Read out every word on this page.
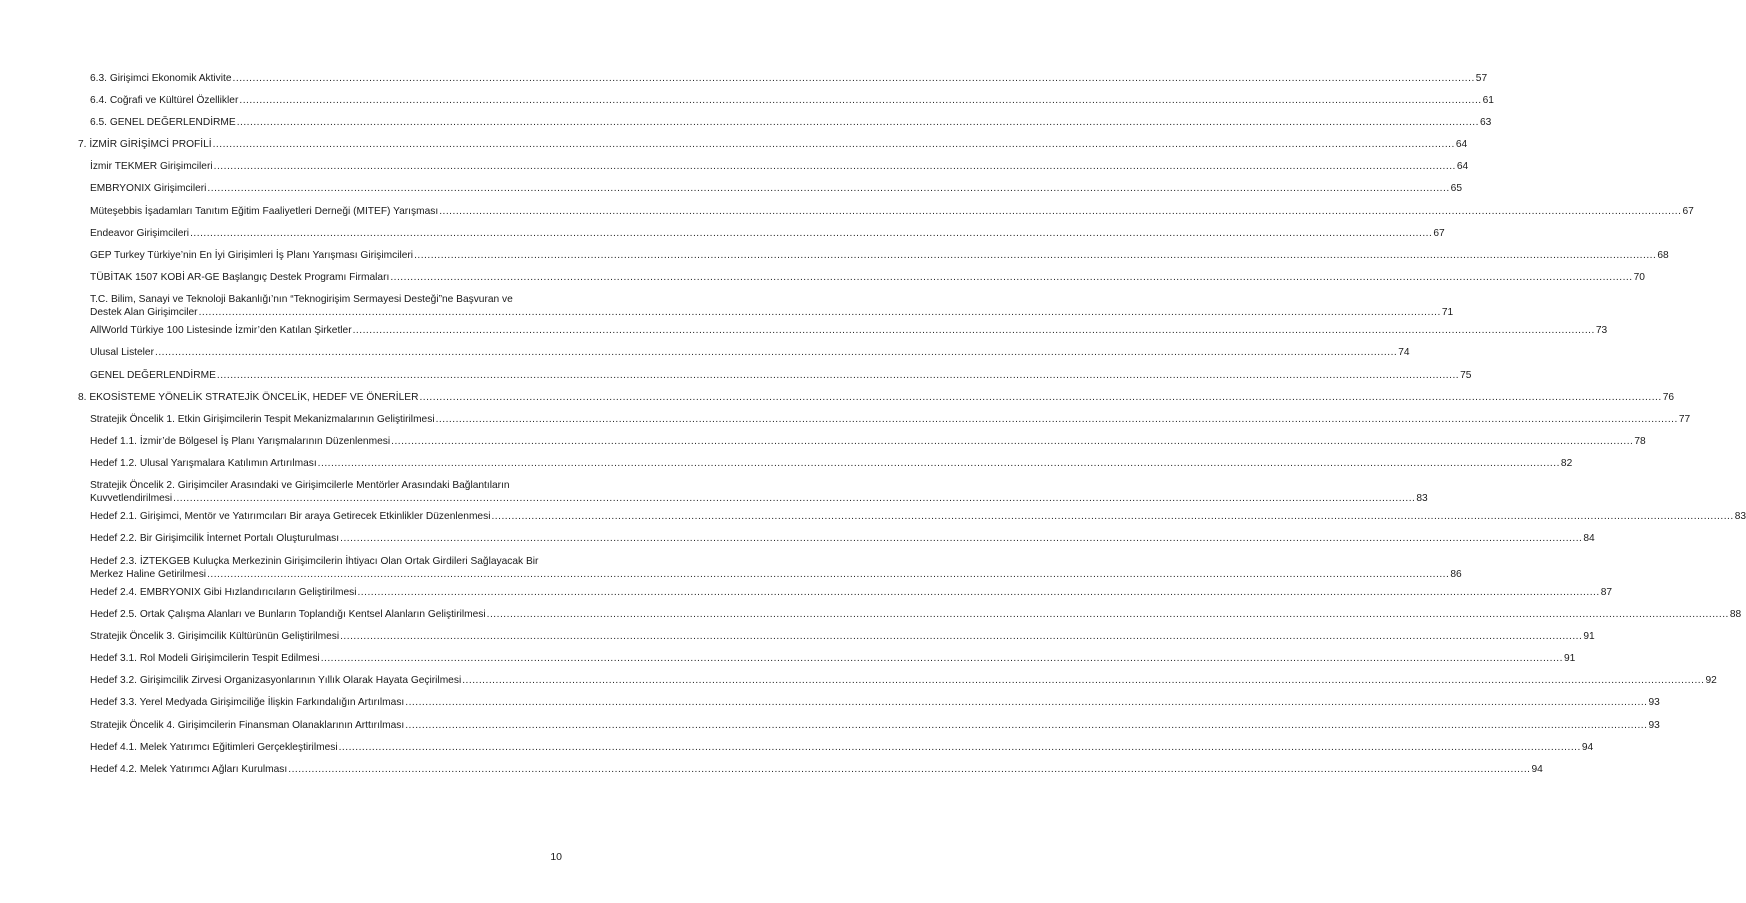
6.3. Girişimci Ekonomik Aktivite .....	57
6.4. Coğrafi ve Kültürel Özellikler .....	61
6.5. GENEL DEĞERLENDİRME .....	63
7. İZMİR GİRİŞİMCİ PROFİLİ .....	64
İzmir TEKMER Girişimcileri .....	64
EMBRYONIX Girişimcileri .....	65
Müteşebbis İşadamları Tanıtım Eğitim Faaliyetleri Derneği (MITEF) Yarışması .....	67
Endeavor Girişimcileri .....	67
GEP Turkey Türkiye’nin En İyi Girişimleri İş Planı Yarışması Girişimcileri .....	68
TÜBİTAK 1507 KOBİ AR-GE Başlangıç Destek Programı Firmaları .....	70
T.C. Bilim, Sanayi ve Teknoloji Bakanlığı’nın “Teknogirişim Sermayesi Desteği”ne Başvuran ve
Destek Alan Girişimciler .....	71
AllWorld Türkiye 100 Listesinde İzmir’den Katılan Şirketler .....	73
Ulusal Listeler .....	74
GENEL DEĞERLENDİRME .....	75
8. EKOSİSTEME YÖNELİK STRATEJİK ÖNCELİK, HEDEF VE ÖNERİLER .....	76
Stratejik Öncelik 1. Etkin Girişimcilerin Tespit Mekanizmalarının Geliştirilmesi .....	77
Hedef 1.1. İzmir’de Bölgesel İş Planı Yarışmalarının Düzenlenmesi .....	78
Hedef 1.2. Ulusal Yarışmalara Katılımın Artırılması .....	82
Stratejik Öncelik 2. Girişimciler Arasındaki ve Girişimcilerle Mentörler Arasındaki Bağlantıların
Kuvvetlendirilmesi .....	83
Hedef 2.1. Girişimci, Mentör ve Yatırımcıları Bir araya Getirecek Etkinlikler Düzenlenmesi .....	83
Hedef 2.2. Bir Girişimcilik İnternet Portalı Oluşturulması .....	84
Hedef 2.3. İZTEKGEB Kuluçka Merkezinin Girişimcilerin İhtiyacı Olan Ortak Girdileri Sağlayacak Bir
Merkez Haline Getirilmesi .....	86
Hedef 2.4. EMBRYONIX Gibi Hızlandırıcıların Geliştirilmesi .....	87
Hedef 2.5. Ortak Çalışma Alanları ve Bunların Toplandığı Kentsel Alanların Geliştirilmesi .....	88
Stratejik Öncelik 3. Girişimcilik Kültürünün Geliştirilmesi .....	91
Hedef 3.1. Rol Modeli Girişimcilerin Tespit Edilmesi .....	91
Hedef 3.2. Girişimcilik Zirvesi Organizasyonlarının Yıllık Olarak Hayata Geçirilmesi .....	92
Hedef 3.3. Yerel Medyada Girişimciliğe İlişkin Farkındalığın Artırılması .....	93
Stratejik Öncelik 4. Girişimcilerin Finansman Olanaklarının Arttırılması .....	93
Hedef 4.1. Melek Yatırımcı Eğitimleri Gerçekleştirilmesi .....	94
Hedef 4.2. Melek Yatırımcı Ağları Kurulması .....	94
10
